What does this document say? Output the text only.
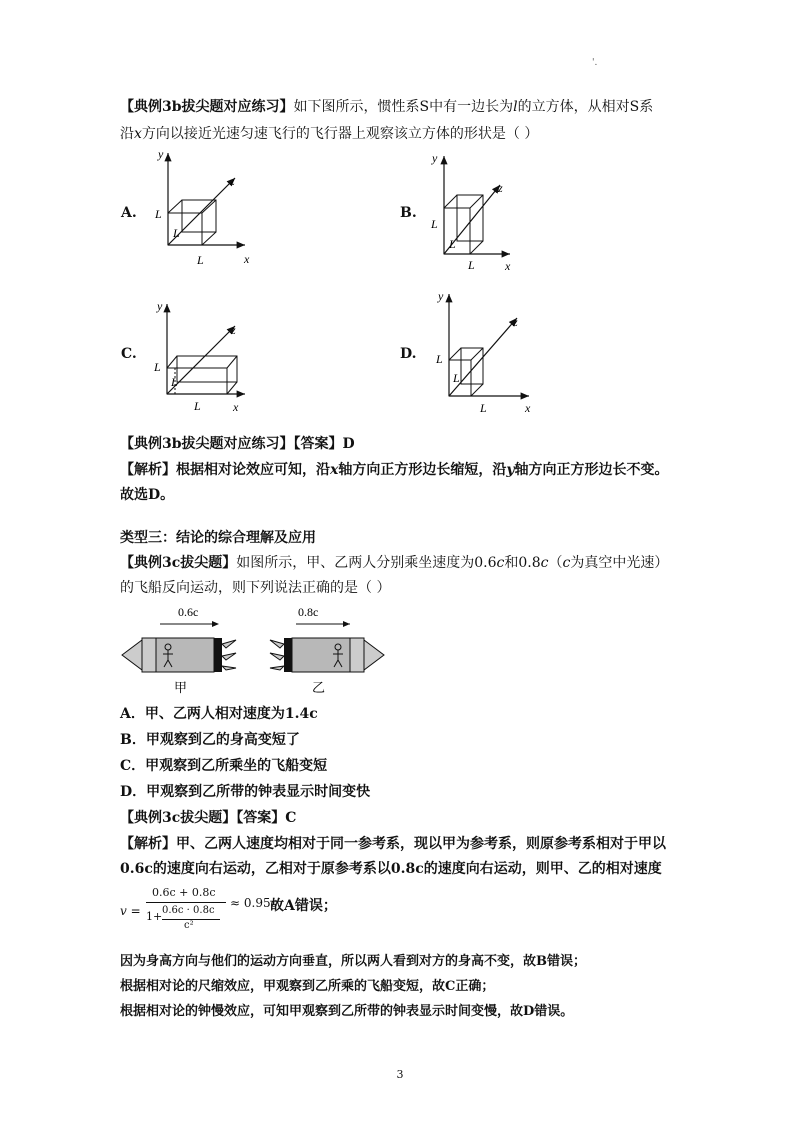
'.
【典例3b拔尖题对应练习】如下图所示，惯性系S中有一边长为l的立方体，从相对S系
沿x方向以接近光速匀速飞行的飞行器上观察该立方体的形状是（ ）
A.
y
x
z
L
L
L
B.
y
x
z
L
L
L
C.
y
x
z
L
L
L
D.
y
x
z
L
L
L
【典例3b拔尖题对应练习】【答案】D
【解析】根据相对论效应可知，沿x轴方向正方形边长缩短，沿y轴方向正方形边长不变。
故选D。
类型三：结论的综合理解及应用
【典例3c拔尖题】如图所示，甲、乙两人分别乘坐速度为0.6c和0.8c（c为真空中光速）
的飞船反向运动，则下列说法正确的是（ ）
0.6c
甲
0.8c
乙
A．甲、乙两人相对速度为1.4c
B．甲观察到乙的身高变短了
C．甲观察到乙所乘坐的飞船变短
D．甲观察到乙所带的钟表显示时间变快
【典例3c拔尖题】【答案】C
【解析】甲、乙两人速度均相对于同一参考系，现以甲为参考系，则原参考系相对于甲以
0.6c的速度向右运动，乙相对于原参考系以0.8c的速度向右运动，则甲、乙的相对速度
v =
0.6c + 0.8c
1+ 0.6c · 0.8c
c²
≈ 0.95c
故A错误；
因为身高方向与他们的运动方向垂直，所以两人看到对方的身高不变，故B错误；
根据相对论的尺缩效应，甲观察到乙所乘的飞船变短，故C正确；
根据相对论的钟慢效应，可知甲观察到乙所带的钟表显示时间变慢，故D错误。
3
